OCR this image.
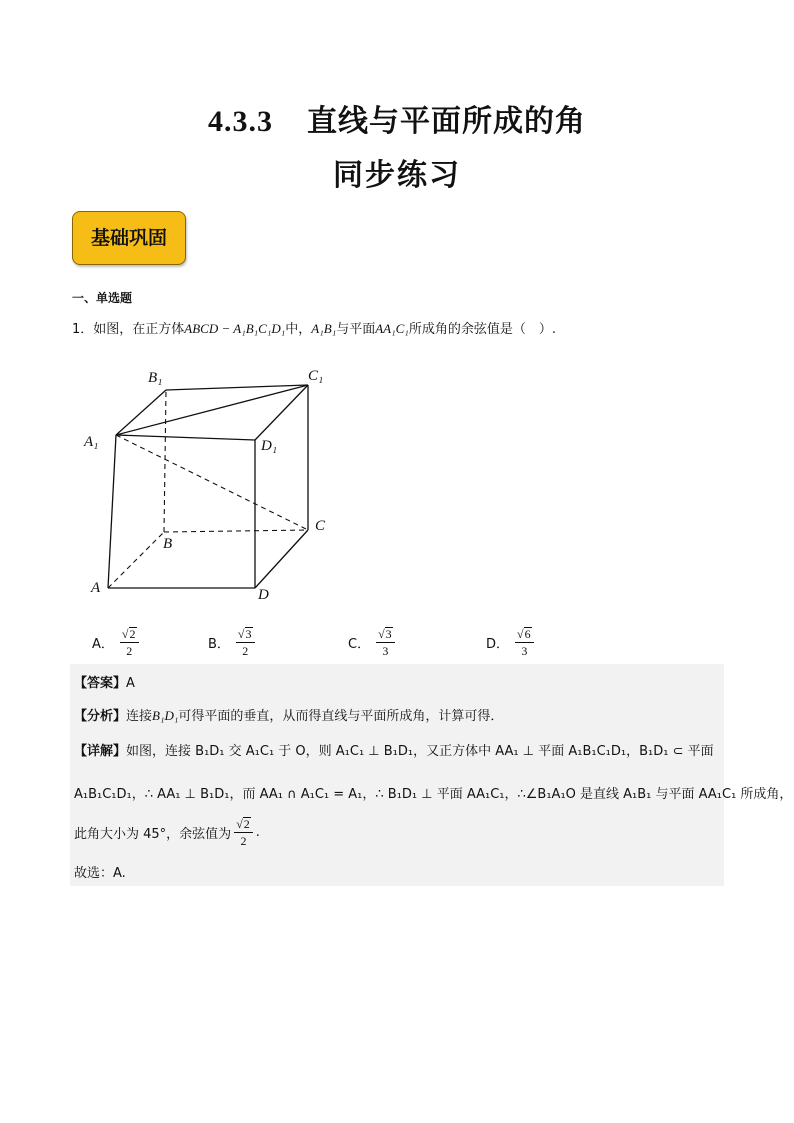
4.3.3 直线与平面所成的角
同步练习
基础巩固
一、单选题
1．如图，在正方体ABCD − A₁B₁C₁D₁中，A₁B₁与平面AA₁C₁所成角的余弦值是（　）.
B₁	C₁
A₁	D₁
C
B
A	D
A． $\frac{√2}{2}$	B． $\frac{√3}{2}$	C． $\frac{√3}{3}$	D． $\frac{√6}{3}$
【答案】A
【分析】连接B₁D₁可得平面的垂直，从而得直线与平面所成角，计算可得．
【详解】如图，连接 B₁D₁ 交 A₁C₁ 于 O，则 A₁C₁ ⊥ B₁D₁，又正方体中 AA₁ ⊥ 平面 A₁B₁C₁D₁，B₁D₁ ⊂ 平面
A₁B₁C₁D₁，∴ AA₁ ⊥ B₁D₁，而 AA₁ ∩ A₁C₁ = A₁，∴ B₁D₁ ⊥ 平面 AA₁C₁，∴∠B₁A₁O 是直线 A₁B₁ 与平面 AA₁C₁ 所成角，
此角大小为 45°，余弦值为 $\frac{√2}{2}$ .
故选：A.
